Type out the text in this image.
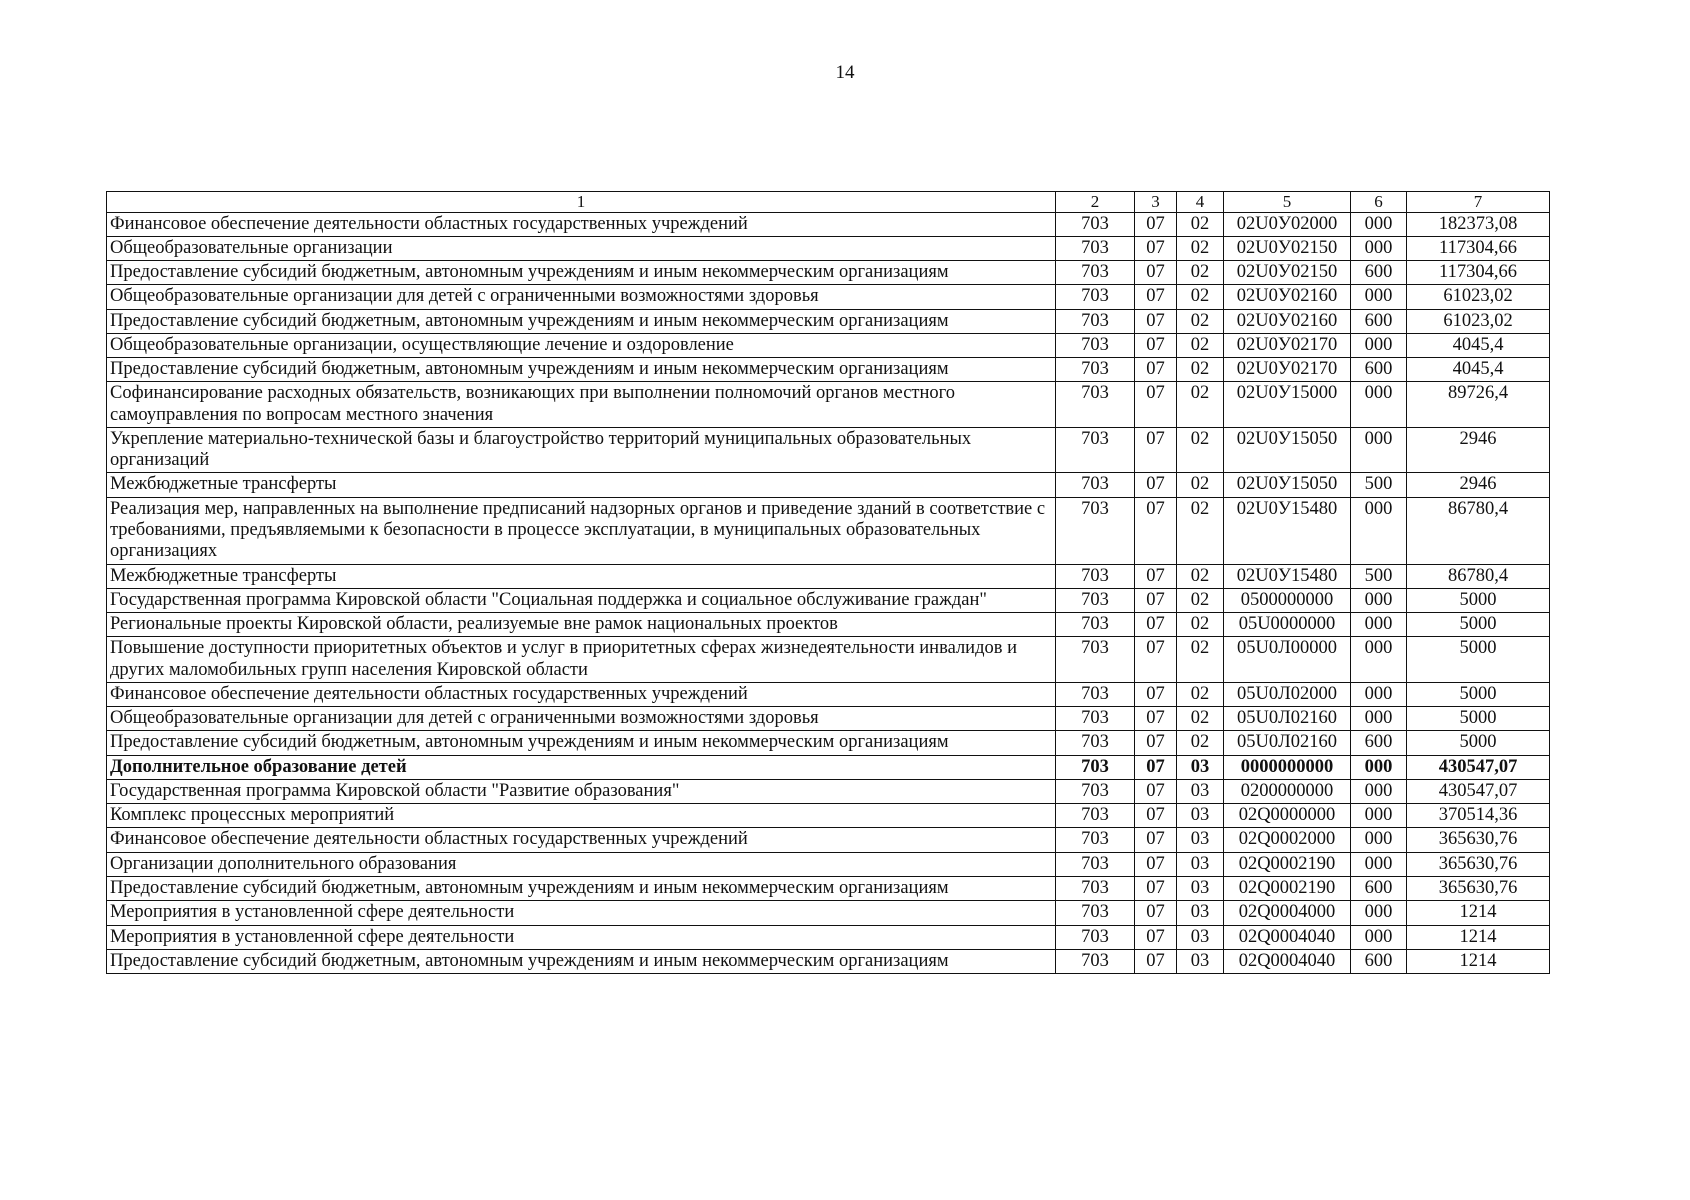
14
1	2	3	4	5	6	7
Финансовое обеспечение деятельности областных государственных учреждений	703	07	02	02U0У02000	000	182373,08
Общеобразовательные организации	703	07	02	02U0У02150	000	117304,66
Предоставление субсидий бюджетным, автономным учреждениям и иным некоммерческим организациям	703	07	02	02U0У02150	600	117304,66
Общеобразовательные организации для детей с ограниченными возможностями здоровья	703	07	02	02U0У02160	000	61023,02
Предоставление субсидий бюджетным, автономным учреждениям и иным некоммерческим организациям	703	07	02	02U0У02160	600	61023,02
Общеобразовательные организации, осуществляющие лечение и оздоровление	703	07	02	02U0У02170	000	4045,4
Предоставление субсидий бюджетным, автономным учреждениям и иным некоммерческим организациям	703	07	02	02U0У02170	600	4045,4
Софинансирование расходных обязательств, возникающих при выполнении полномочий органов местного самоуправления по вопросам местного значения	703	07	02	02U0У15000	000	89726,4
Укрепление материально-технической базы и благоустройство территорий муниципальных образовательных организаций	703	07	02	02U0У15050	000	2946
Межбюджетные трансферты	703	07	02	02U0У15050	500	2946
Реализация мер, направленных на выполнение предписаний надзорных органов и приведение зданий в соответствие с требованиями, предъявляемыми к безопасности в процессе эксплуатации, в муниципальных образовательных организациях	703	07	02	02U0У15480	000	86780,4
Межбюджетные трансферты	703	07	02	02U0У15480	500	86780,4
Государственная программа Кировской области "Социальная поддержка и социальное обслуживание граждан"	703	07	02	0500000000	000	5000
Региональные проекты Кировской области, реализуемые вне рамок национальных проектов	703	07	02	05U0000000	000	5000
Повышение доступности приоритетных объектов и услуг в приоритетных сферах жизнедеятельности инвалидов и других маломобильных групп населения Кировской области	703	07	02	05U0Л00000	000	5000
Финансовое обеспечение деятельности областных государственных учреждений	703	07	02	05U0Л02000	000	5000
Общеобразовательные организации для детей с ограниченными возможностями здоровья	703	07	02	05U0Л02160	000	5000
Предоставление субсидий бюджетным, автономным учреждениям и иным некоммерческим организациям	703	07	02	05U0Л02160	600	5000
Дополнительное образование детей	703	07	03	0000000000	000	430547,07
Государственная программа Кировской области "Развитие образования"	703	07	03	0200000000	000	430547,07
Комплекс процессных мероприятий	703	07	03	02Q0000000	000	370514,36
Финансовое обеспечение деятельности областных государственных учреждений	703	07	03	02Q0002000	000	365630,76
Организации дополнительного образования	703	07	03	02Q0002190	000	365630,76
Предоставление субсидий бюджетным, автономным учреждениям и иным некоммерческим организациям	703	07	03	02Q0002190	600	365630,76
Мероприятия в установленной сфере деятельности	703	07	03	02Q0004000	000	1214
Мероприятия в установленной сфере деятельности	703	07	03	02Q0004040	000	1214
Предоставление субсидий бюджетным, автономным учреждениям и иным некоммерческим организациям	703	07	03	02Q0004040	600	1214
